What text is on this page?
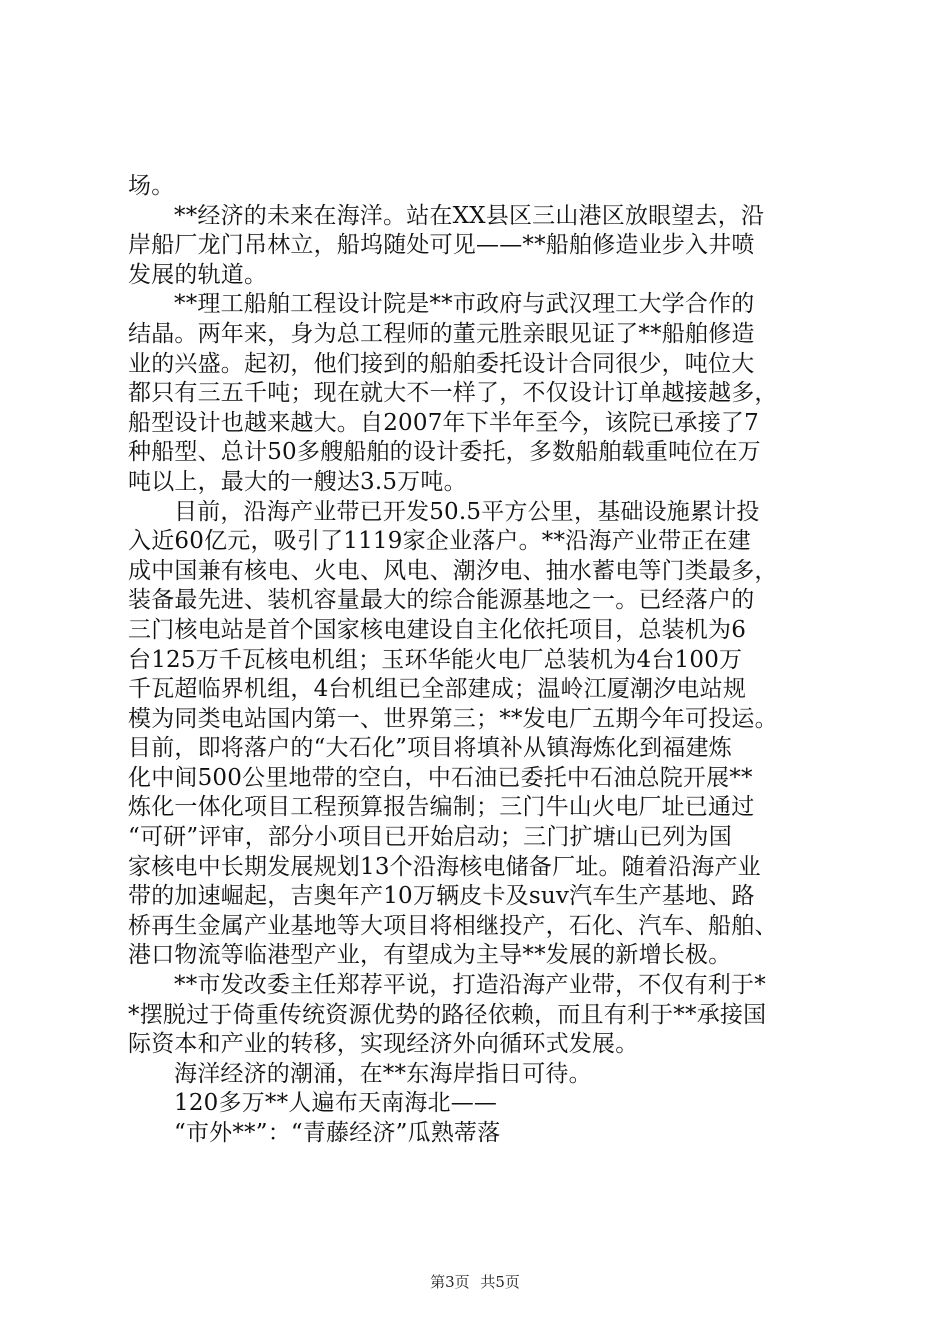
场。
**经济的未来在海洋。站在XX县区三山港区放眼望去，沿
岸船厂龙门吊林立，船坞随处可见——**船舶修造业步入井喷
发展的轨道。
**理工船舶工程设计院是**市政府与武汉理工大学合作的
结晶。两年来，身为总工程师的董元胜亲眼见证了**船舶修造
业的兴盛。起初，他们接到的船舶委托设计合同很少，吨位大
都只有三五千吨；现在就大不一样了，不仅设计订单越接越多，
船型设计也越来越大。自2007年下半年至今，该院已承接了7
种船型、总计50多艘船舶的设计委托，多数船舶载重吨位在万
吨以上，最大的一艘达3.5万吨。
目前，沿海产业带已开发50.5平方公里，基础设施累计投
入近60亿元，吸引了1119家企业落户。**沿海产业带正在建
成中国兼有核电、火电、风电、潮汐电、抽水蓄电等门类最多，
装备最先进、装机容量最大的综合能源基地之一。已经落户的
三门核电站是首个国家核电建设自主化依托项目，总装机为6
台125万千瓦核电机组；玉环华能火电厂总装机为4台100万
千瓦超临界机组，4台机组已全部建成；温岭江厦潮汐电站规
模为同类电站国内第一、世界第三；**发电厂五期今年可投运。
目前，即将落户的“大石化”项目将填补从镇海炼化到福建炼
化中间500公里地带的空白，中石油已委托中石油总院开展**
炼化一体化项目工程预算报告编制；三门牛山火电厂址已通过
“可研”评审，部分小项目已开始启动；三门扩塘山已列为国
家核电中长期发展规划13个沿海核电储备厂址。随着沿海产业
带的加速崛起，吉奥年产10万辆皮卡及suv汽车生产基地、路
桥再生金属产业基地等大项目将相继投产，石化、汽车、船舶、
港口物流等临港型产业，有望成为主导**发展的新增长极。
**市发改委主任郑荐平说，打造沿海产业带，不仅有利于*
*摆脱过于倚重传统资源优势的路径依赖，而且有利于**承接国
际资本和产业的转移，实现经济外向循环式发展。
海洋经济的潮涌，在**东海岸指日可待。
120多万**人遍布天南海北——
“市外**”：“青藤经济”瓜熟蒂落
第3页 共5页
